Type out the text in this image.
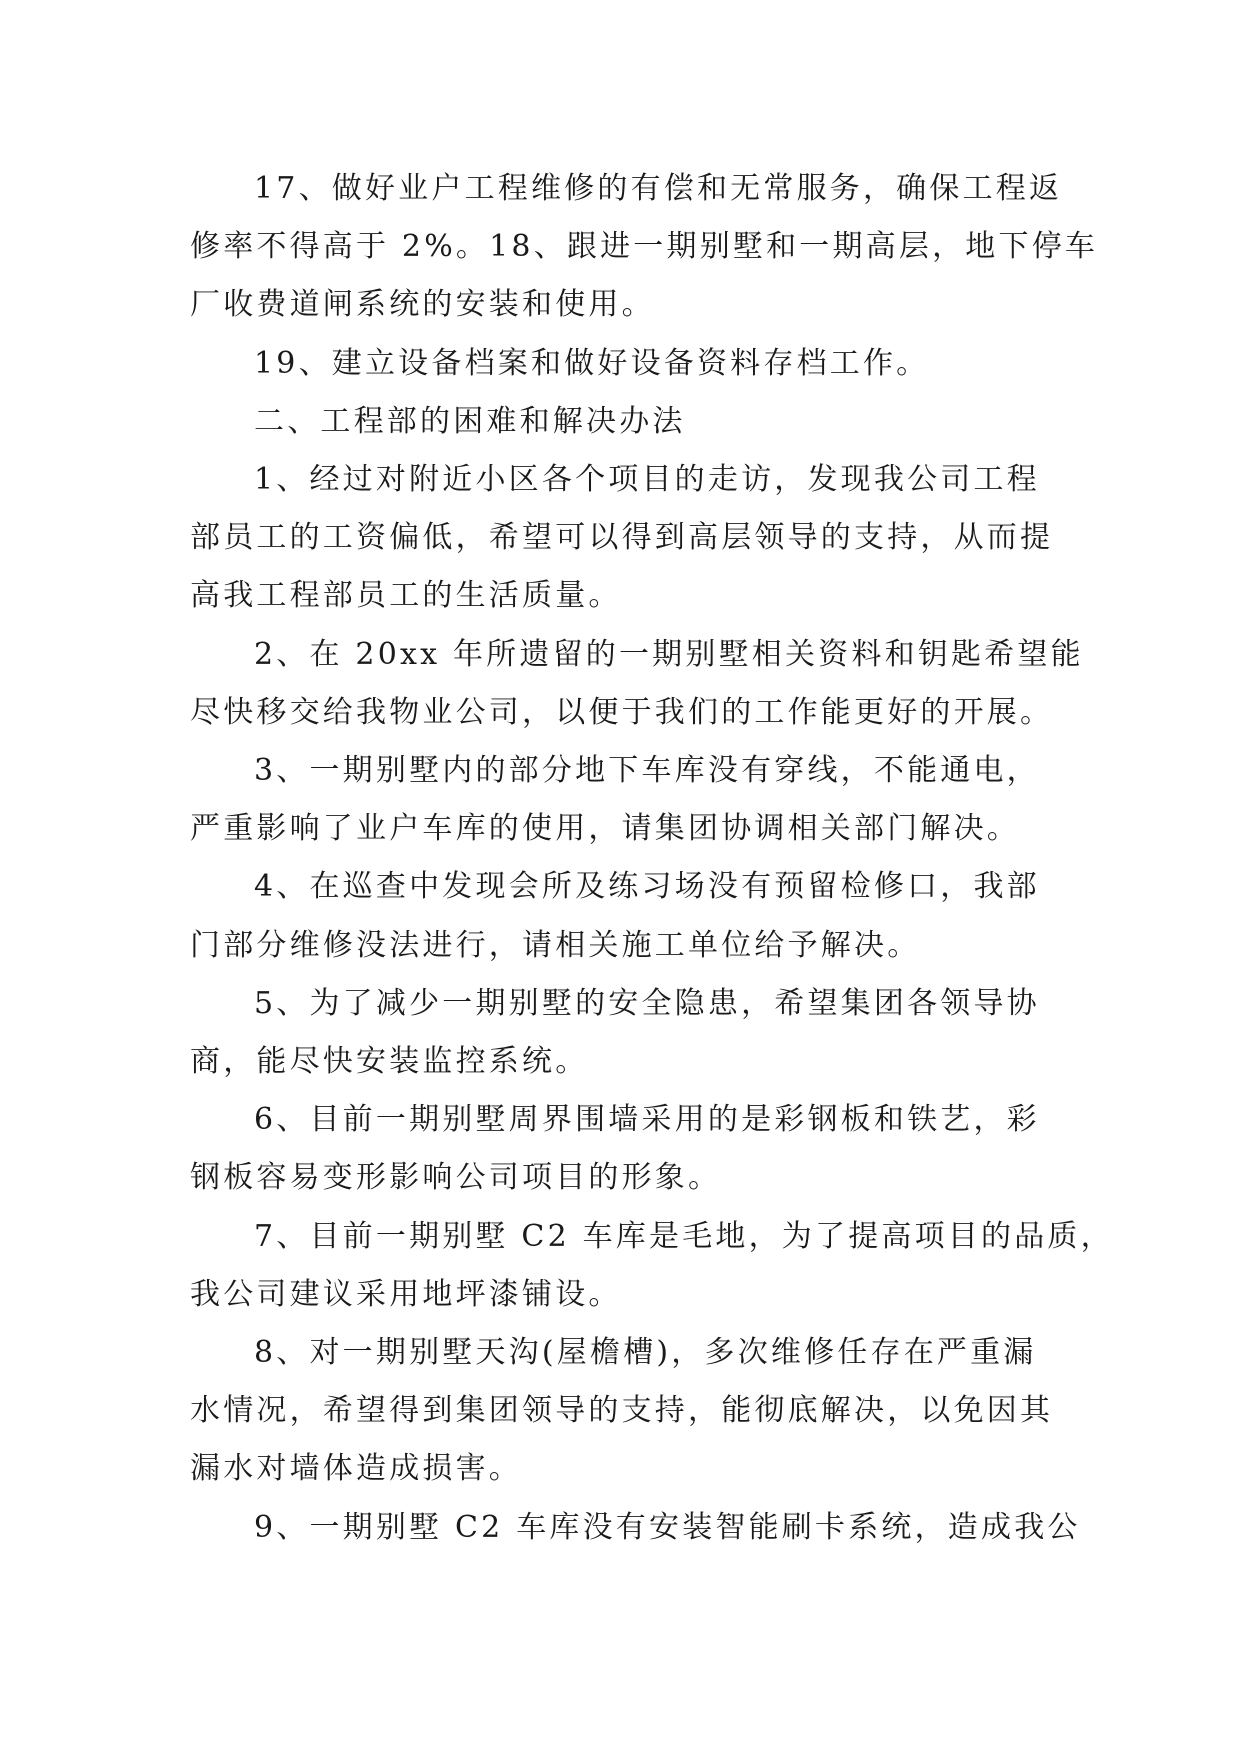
17、做好业户工程维修的有偿和无常服务，确保工程返
修率不得高于 2%。18、跟进一期别墅和一期高层，地下停车
厂收费道闸系统的安装和使用。

19、建立设备档案和做好设备资料存档工作。

二、工程部的困难和解决办法

1、经过对附近小区各个项目的走访，发现我公司工程
部员工的工资偏低，希望可以得到高层领导的支持，从而提
高我工程部员工的生活质量。

2、在 20xx 年所遗留的一期别墅相关资料和钥匙希望能
尽快移交给我物业公司，以便于我们的工作能更好的开展。

3、一期别墅内的部分地下车库没有穿线，不能通电，
严重影响了业户车库的使用，请集团协调相关部门解决。

4、在巡查中发现会所及练习场没有预留检修口，我部
门部分维修没法进行，请相关施工单位给予解决。

5、为了减少一期别墅的安全隐患，希望集团各领导协
商，能尽快安装监控系统。

6、目前一期别墅周界围墙采用的是彩钢板和铁艺，彩
钢板容易变形影响公司项目的形象。

7、目前一期别墅 C2 车库是毛地，为了提高项目的品质，
我公司建议采用地坪漆铺设。

8、对一期别墅天沟(屋檐槽)，多次维修任存在严重漏
水情况，希望得到集团领导的支持，能彻底解决，以免因其
漏水对墙体造成损害。

9、一期别墅 C2 车库没有安装智能刷卡系统，造成我公
